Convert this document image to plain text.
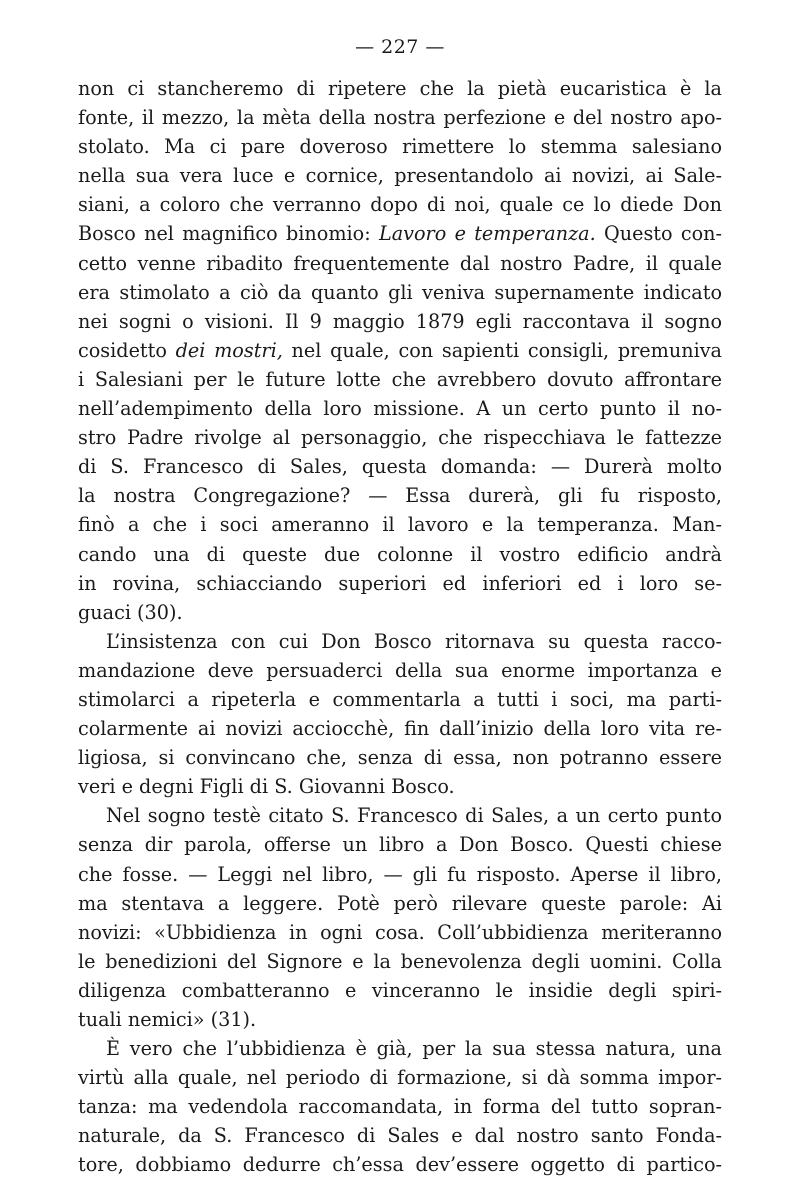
— 227 —
non ci stancheremo di ripetere che la pietà eucaristica è la
fonte, il mezzo, la mèta della nostra perfezione e del nostro apo-
stolato. Ma ci pare doveroso rimettere lo stemma salesiano
nella sua vera luce e cornice, presentandolo ai novizi, ai Sale-
siani, a coloro che verranno dopo di noi, quale ce lo diede Don
Bosco nel magnifico binomio: Lavoro e temperanza. Questo con-
cetto venne ribadito frequentemente dal nostro Padre, il quale
era stimolato a ciò da quanto gli veniva supernamente indicato
nei sogni o visioni. Il 9 maggio 1879 egli raccontava il sogno
cosidetto dei mostri, nel quale, con sapienti consigli, premuniva
i Salesiani per le future lotte che avrebbero dovuto affrontare
nell’adempimento della loro missione. A un certo punto il no-
stro Padre rivolge al personaggio, che rispecchiava le fattezze
di S. Francesco di Sales, questa domanda: — Durerà molto
la nostra Congregazione? — Essa durerà, gli fu risposto,
finò a che i soci ameranno il lavoro e la temperanza. Man-
cando una di queste due colonne il vostro edificio andrà
in rovina, schiacciando superiori ed inferiori ed i loro se-
guaci (30).
L’insistenza con cui Don Bosco ritornava su questa racco-
mandazione deve persuaderci della sua enorme importanza e
stimolarci a ripeterla e commentarla a tutti i soci, ma parti-
colarmente ai novizi acciocchè, fin dall’inizio della loro vita re-
ligiosa, si convincano che, senza di essa, non potranno essere
veri e degni Figli di S. Giovanni Bosco.
Nel sogno testè citato S. Francesco di Sales, a un certo punto
senza dir parola, offerse un libro a Don Bosco. Questi chiese
che fosse. — Leggi nel libro, — gli fu risposto. Aperse il libro,
ma stentava a leggere. Potè però rilevare queste parole: Ai
novizi: «Ubbidienza in ogni cosa. Coll’ubbidienza meriteranno
le benedizioni del Signore e la benevolenza degli uomini. Colla
diligenza combatteranno e vinceranno le insidie degli spiri-
tuali nemici» (31).
È vero che l’ubbidienza è già, per la sua stessa natura, una
virtù alla quale, nel periodo di formazione, si dà somma impor-
tanza: ma vedendola raccomandata, in forma del tutto sopran-
naturale, da S. Francesco di Sales e dal nostro santo Fonda-
tore, dobbiamo dedurre ch’essa dev’essere oggetto di partico-
